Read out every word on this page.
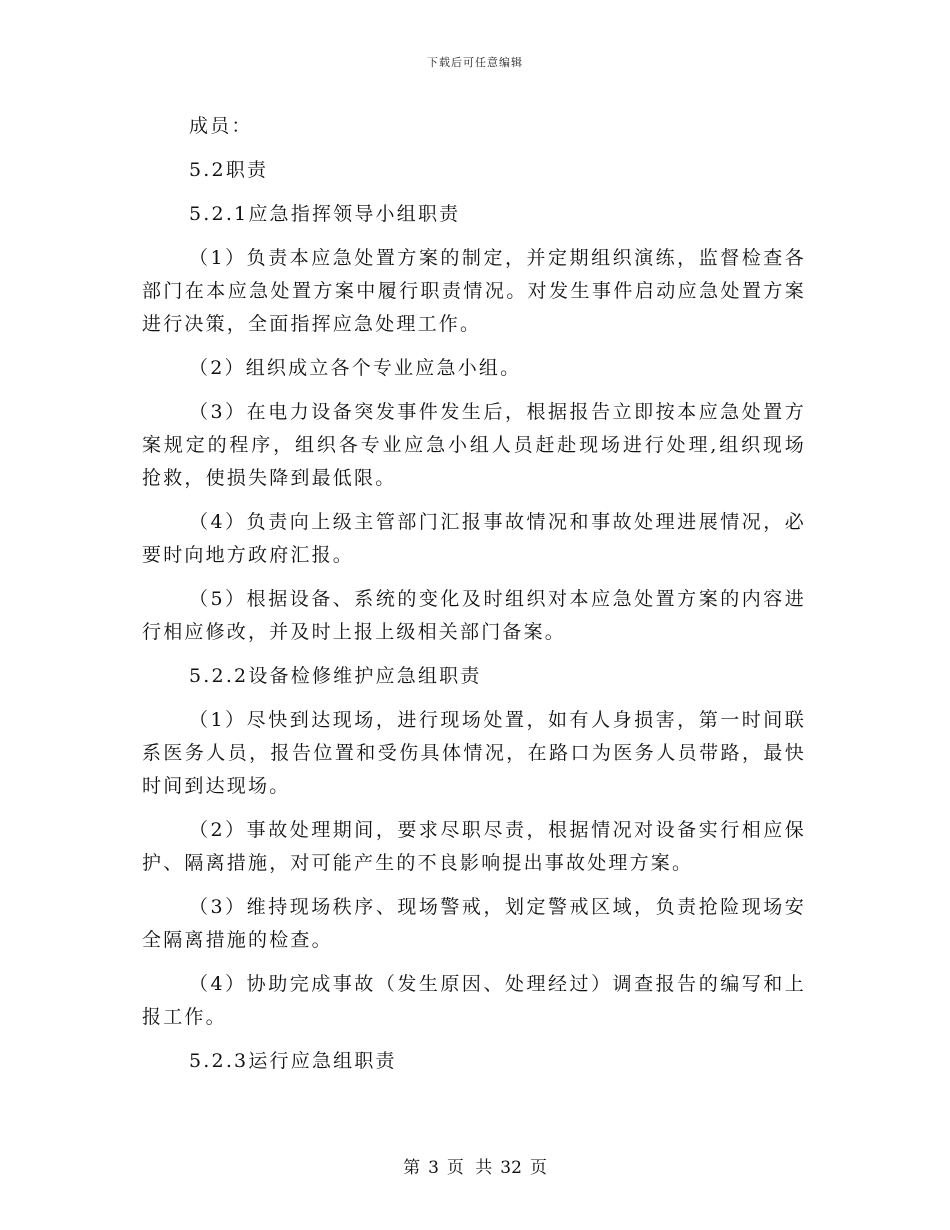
下载后可任意编辑

成员：

5.2职责

5.2.1应急指挥领导小组职责

（1）负责本应急处置方案的制定，并定期组织演练，监督检查各部门在本应急处置方案中履行职责情况。对发生事件启动应急处置方案进行决策，全面指挥应急处理工作。

（2）组织成立各个专业应急小组。

（3）在电力设备突发事件发生后，根据报告立即按本应急处置方案规定的程序，组织各专业应急小组人员赶赴现场进行处理,组织现场抢救，使损失降到最低限。

（4）负责向上级主管部门汇报事故情况和事故处理进展情况，必要时向地方政府汇报。

（5）根据设备、系统的变化及时组织对本应急处置方案的内容进行相应修改，并及时上报上级相关部门备案。

5.2.2设备检修维护应急组职责

（1）尽快到达现场，进行现场处置，如有人身损害，第一时间联系医务人员，报告位置和受伤具体情况，在路口为医务人员带路，最快时间到达现场。

（2）事故处理期间，要求尽职尽责，根据情况对设备实行相应保护、隔离措施，对可能产生的不良影响提出事故处理方案。

（3）维持现场秩序、现场警戒，划定警戒区域，负责抢险现场安全隔离措施的检查。

（4）协助完成事故（发生原因、处理经过）调查报告的编写和上报工作。

5.2.3运行应急组职责

第 3 页 共 32 页
